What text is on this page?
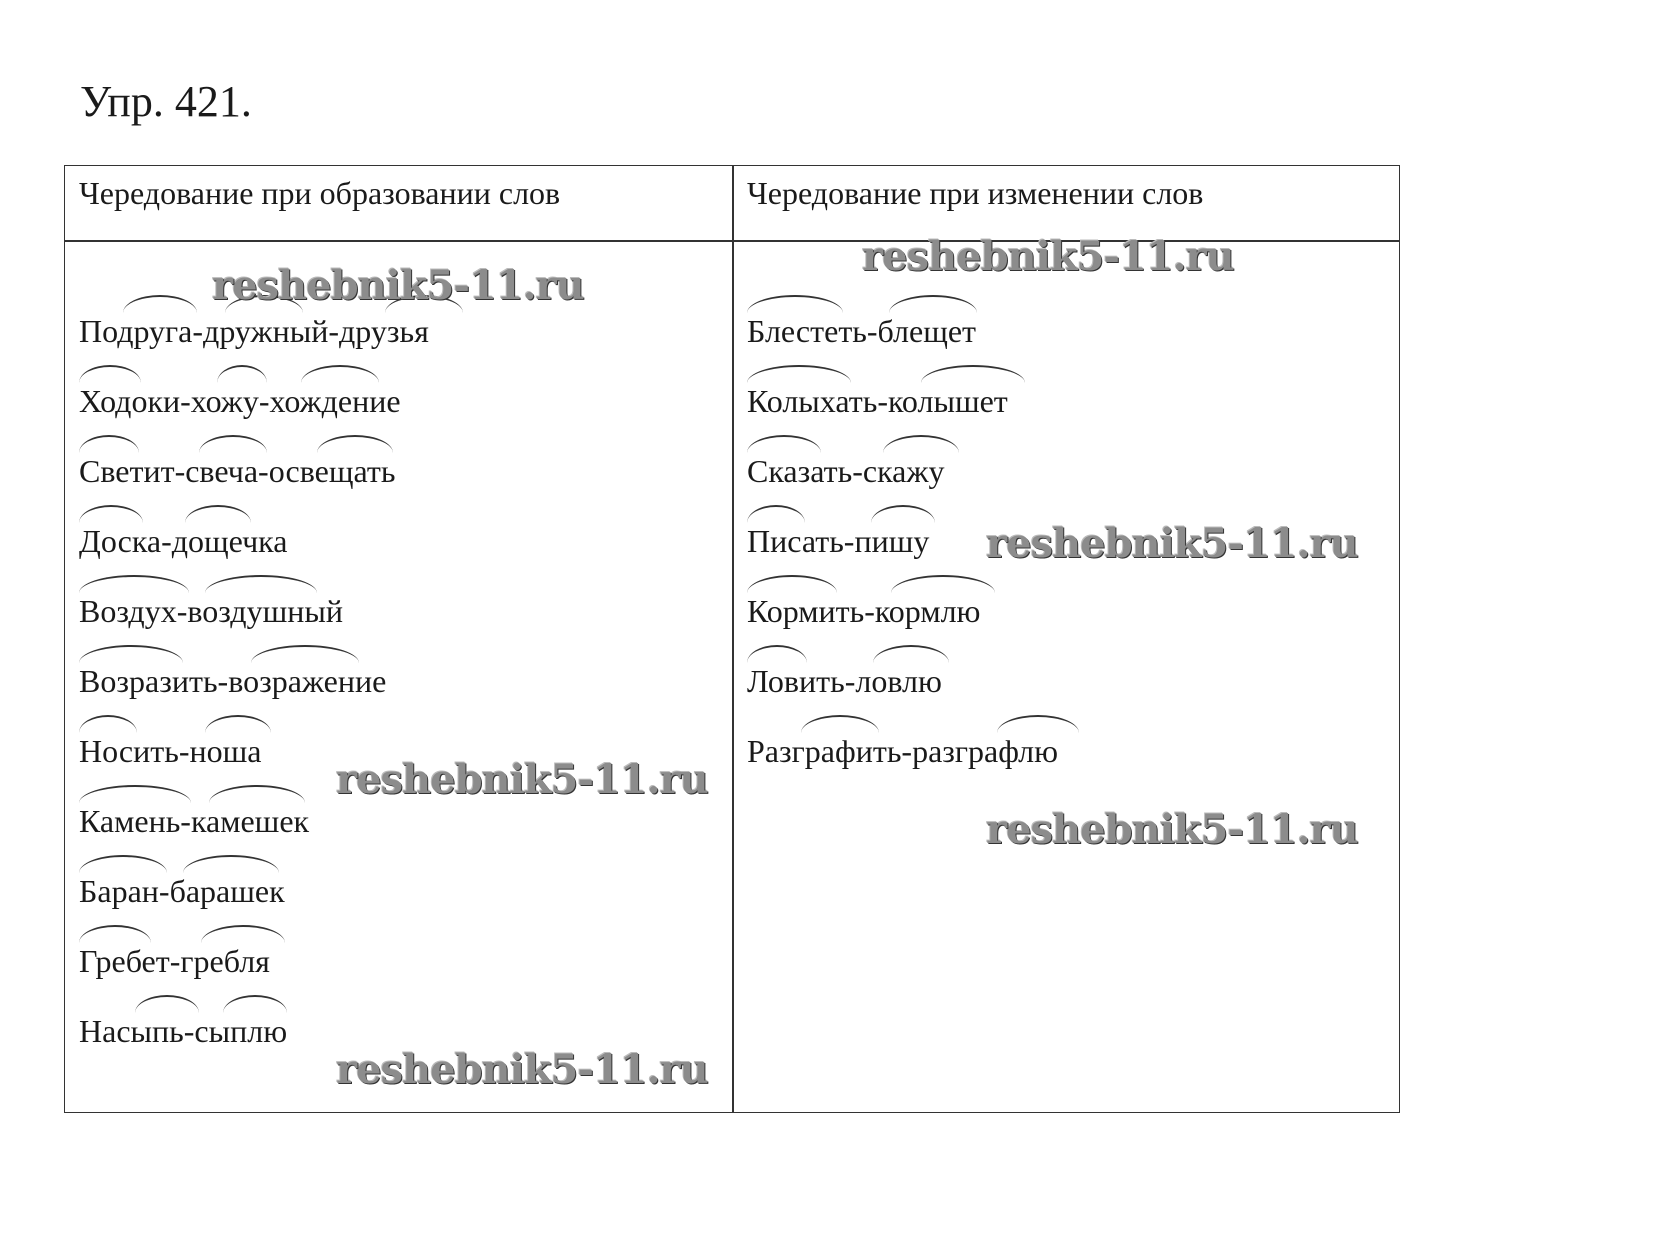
Упр. 421.
Чередование при образовании слов	Чередование при изменении слов
Подруга-дружный-друзья
Ходоки-хожу-хождение
Светит-свеча-освещать
Доска-дощечка
Воздух-воздушный
Возразить-возражение
Носить-ноша
Камень-камешек
Баран-барашек
Гребет-гребля
Насыпь-сыплю
Блестеть-блещет
Колыхать-колышет
Сказать-скажу
Писать-пишу
Кормить-кормлю
Ловить-ловлю
Разграфить-разграфлю
reshebnik5-11.ru
reshebnik5-11.ru
reshebnik5-11.ru
reshebnik5-11.ru
reshebnik5-11.ru
reshebnik5-11.ru
